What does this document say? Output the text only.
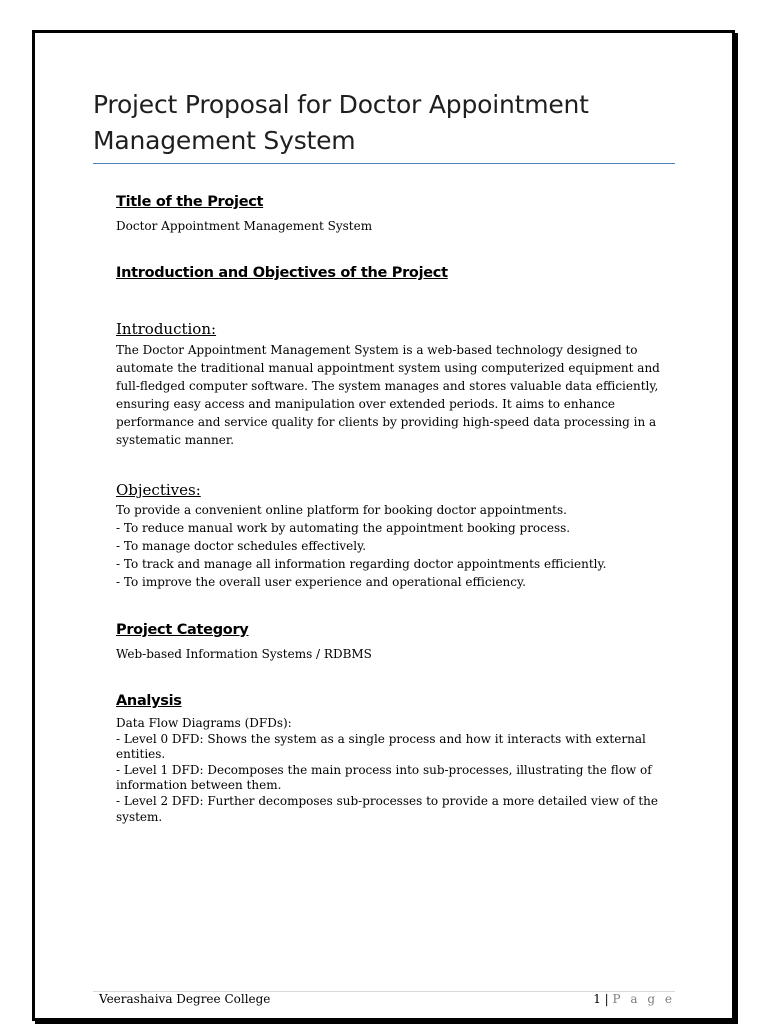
Project Proposal for Doctor Appointment Management System
Title of the Project
Doctor Appointment Management System
Introduction and Objectives of the Project
Introduction:
The Doctor Appointment Management System is a web-based technology designed to
automate the traditional manual appointment system using computerized equipment and
full-fledged computer software. The system manages and stores valuable data efficiently,
ensuring easy access and manipulation over extended periods. It aims to enhance
performance and service quality for clients by providing high-speed data processing in a
systematic manner.
Objectives:
To provide a convenient online platform for booking doctor appointments.
- To reduce manual work by automating the appointment booking process.
- To manage doctor schedules effectively.
- To track and manage all information regarding doctor appointments efficiently.
- To improve the overall user experience and operational efficiency.
Project Category
Web-based Information Systems / RDBMS
Analysis
Data Flow Diagrams (DFDs):
- Level 0 DFD: Shows the system as a single process and how it interacts with external
entities.
- Level 1 DFD: Decomposes the main process into sub-processes, illustrating the flow of
information between them.
- Level 2 DFD: Further decomposes sub-processes to provide a more detailed view of the
system.
Veerashaiva Degree College	1 | P a g e
